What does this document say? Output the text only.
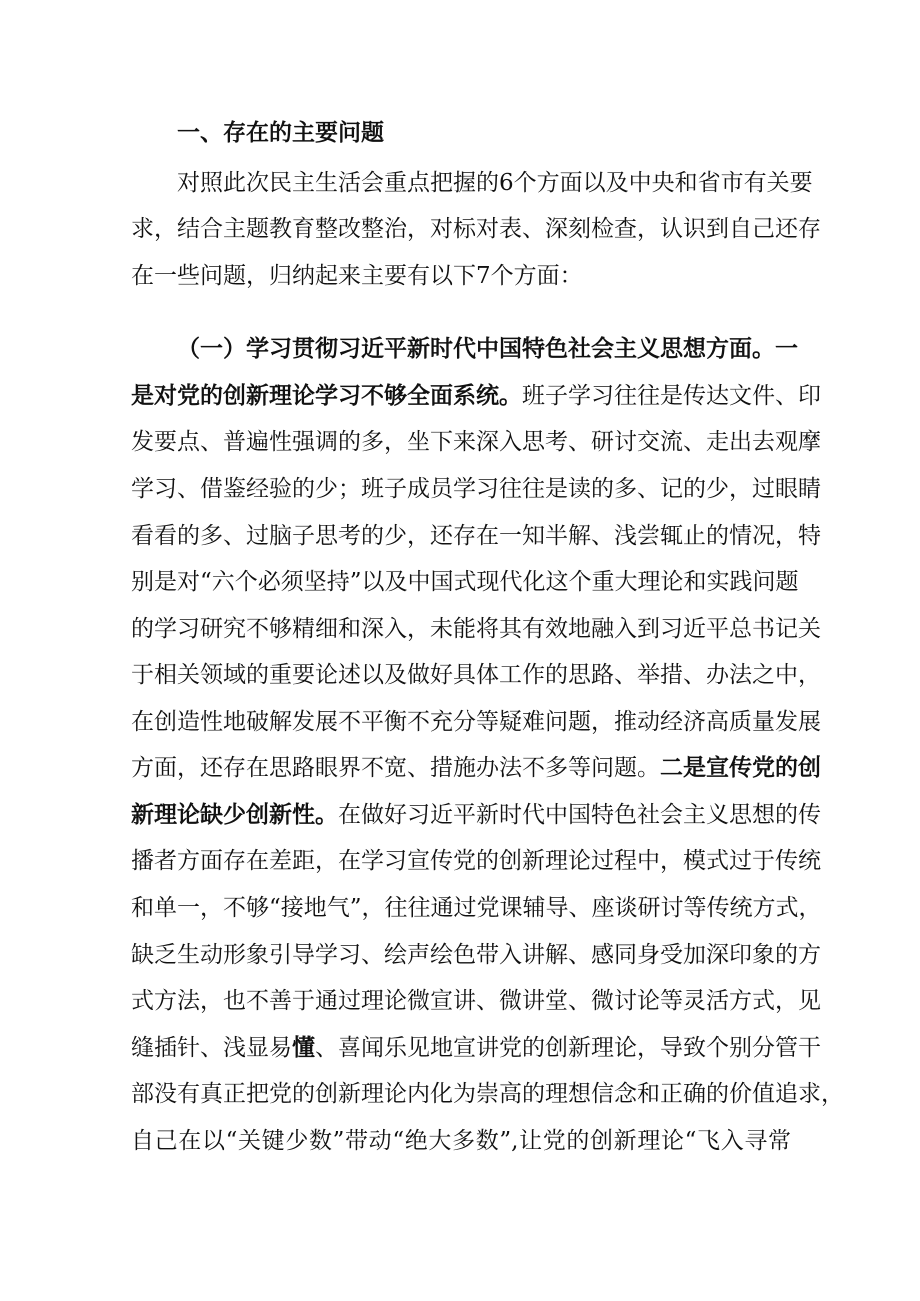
一、存在的主要问题
对照此次民主生活会重点把握的6个方面以及中央和省市有关要
求，结合主题教育整改整治，对标对表、深刻检查，认识到自己还存
在一些问题，归纳起来主要有以下7个方面：
（一）学习贯彻习近平新时代中国特色社会主义思想方面。一
是对党的创新理论学习不够全面系统。班子学习往往是传达文件、印
发要点、普遍性强调的多，坐下来深入思考、研讨交流、走出去观摩
学习、借鉴经验的少；班子成员学习往往是读的多、记的少，过眼睛
看看的多、过脑子思考的少，还存在一知半解、浅尝辄止的情况，特
别是对“六个必须坚持”以及中国式现代化这个重大理论和实践问题
的学习研究不够精细和深入，未能将其有效地融入到习近平总书记关
于相关领域的重要论述以及做好具体工作的思路、举措、办法之中，
在创造性地破解发展不平衡不充分等疑难问题，推动经济高质量发展
方面，还存在思路眼界不宽、措施办法不多等问题。二是宣传党的创
新理论缺少创新性。在做好习近平新时代中国特色社会主义思想的传
播者方面存在差距，在学习宣传党的创新理论过程中，模式过于传统
和单一，不够“接地气”，往往通过党课辅导、座谈研讨等传统方式，
缺乏生动形象引导学习、绘声绘色带入讲解、感同身受加深印象的方
式方法，也不善于通过理论微宣讲、微讲堂、微讨论等灵活方式，见
缝插针、浅显易懂、喜闻乐见地宣讲党的创新理论，导致个别分管干
部没有真正把党的创新理论内化为崇高的理想信念和正确的价值追求，
自己在以“关键少数”带动“绝大多数”,让党的创新理论“飞入寻常
